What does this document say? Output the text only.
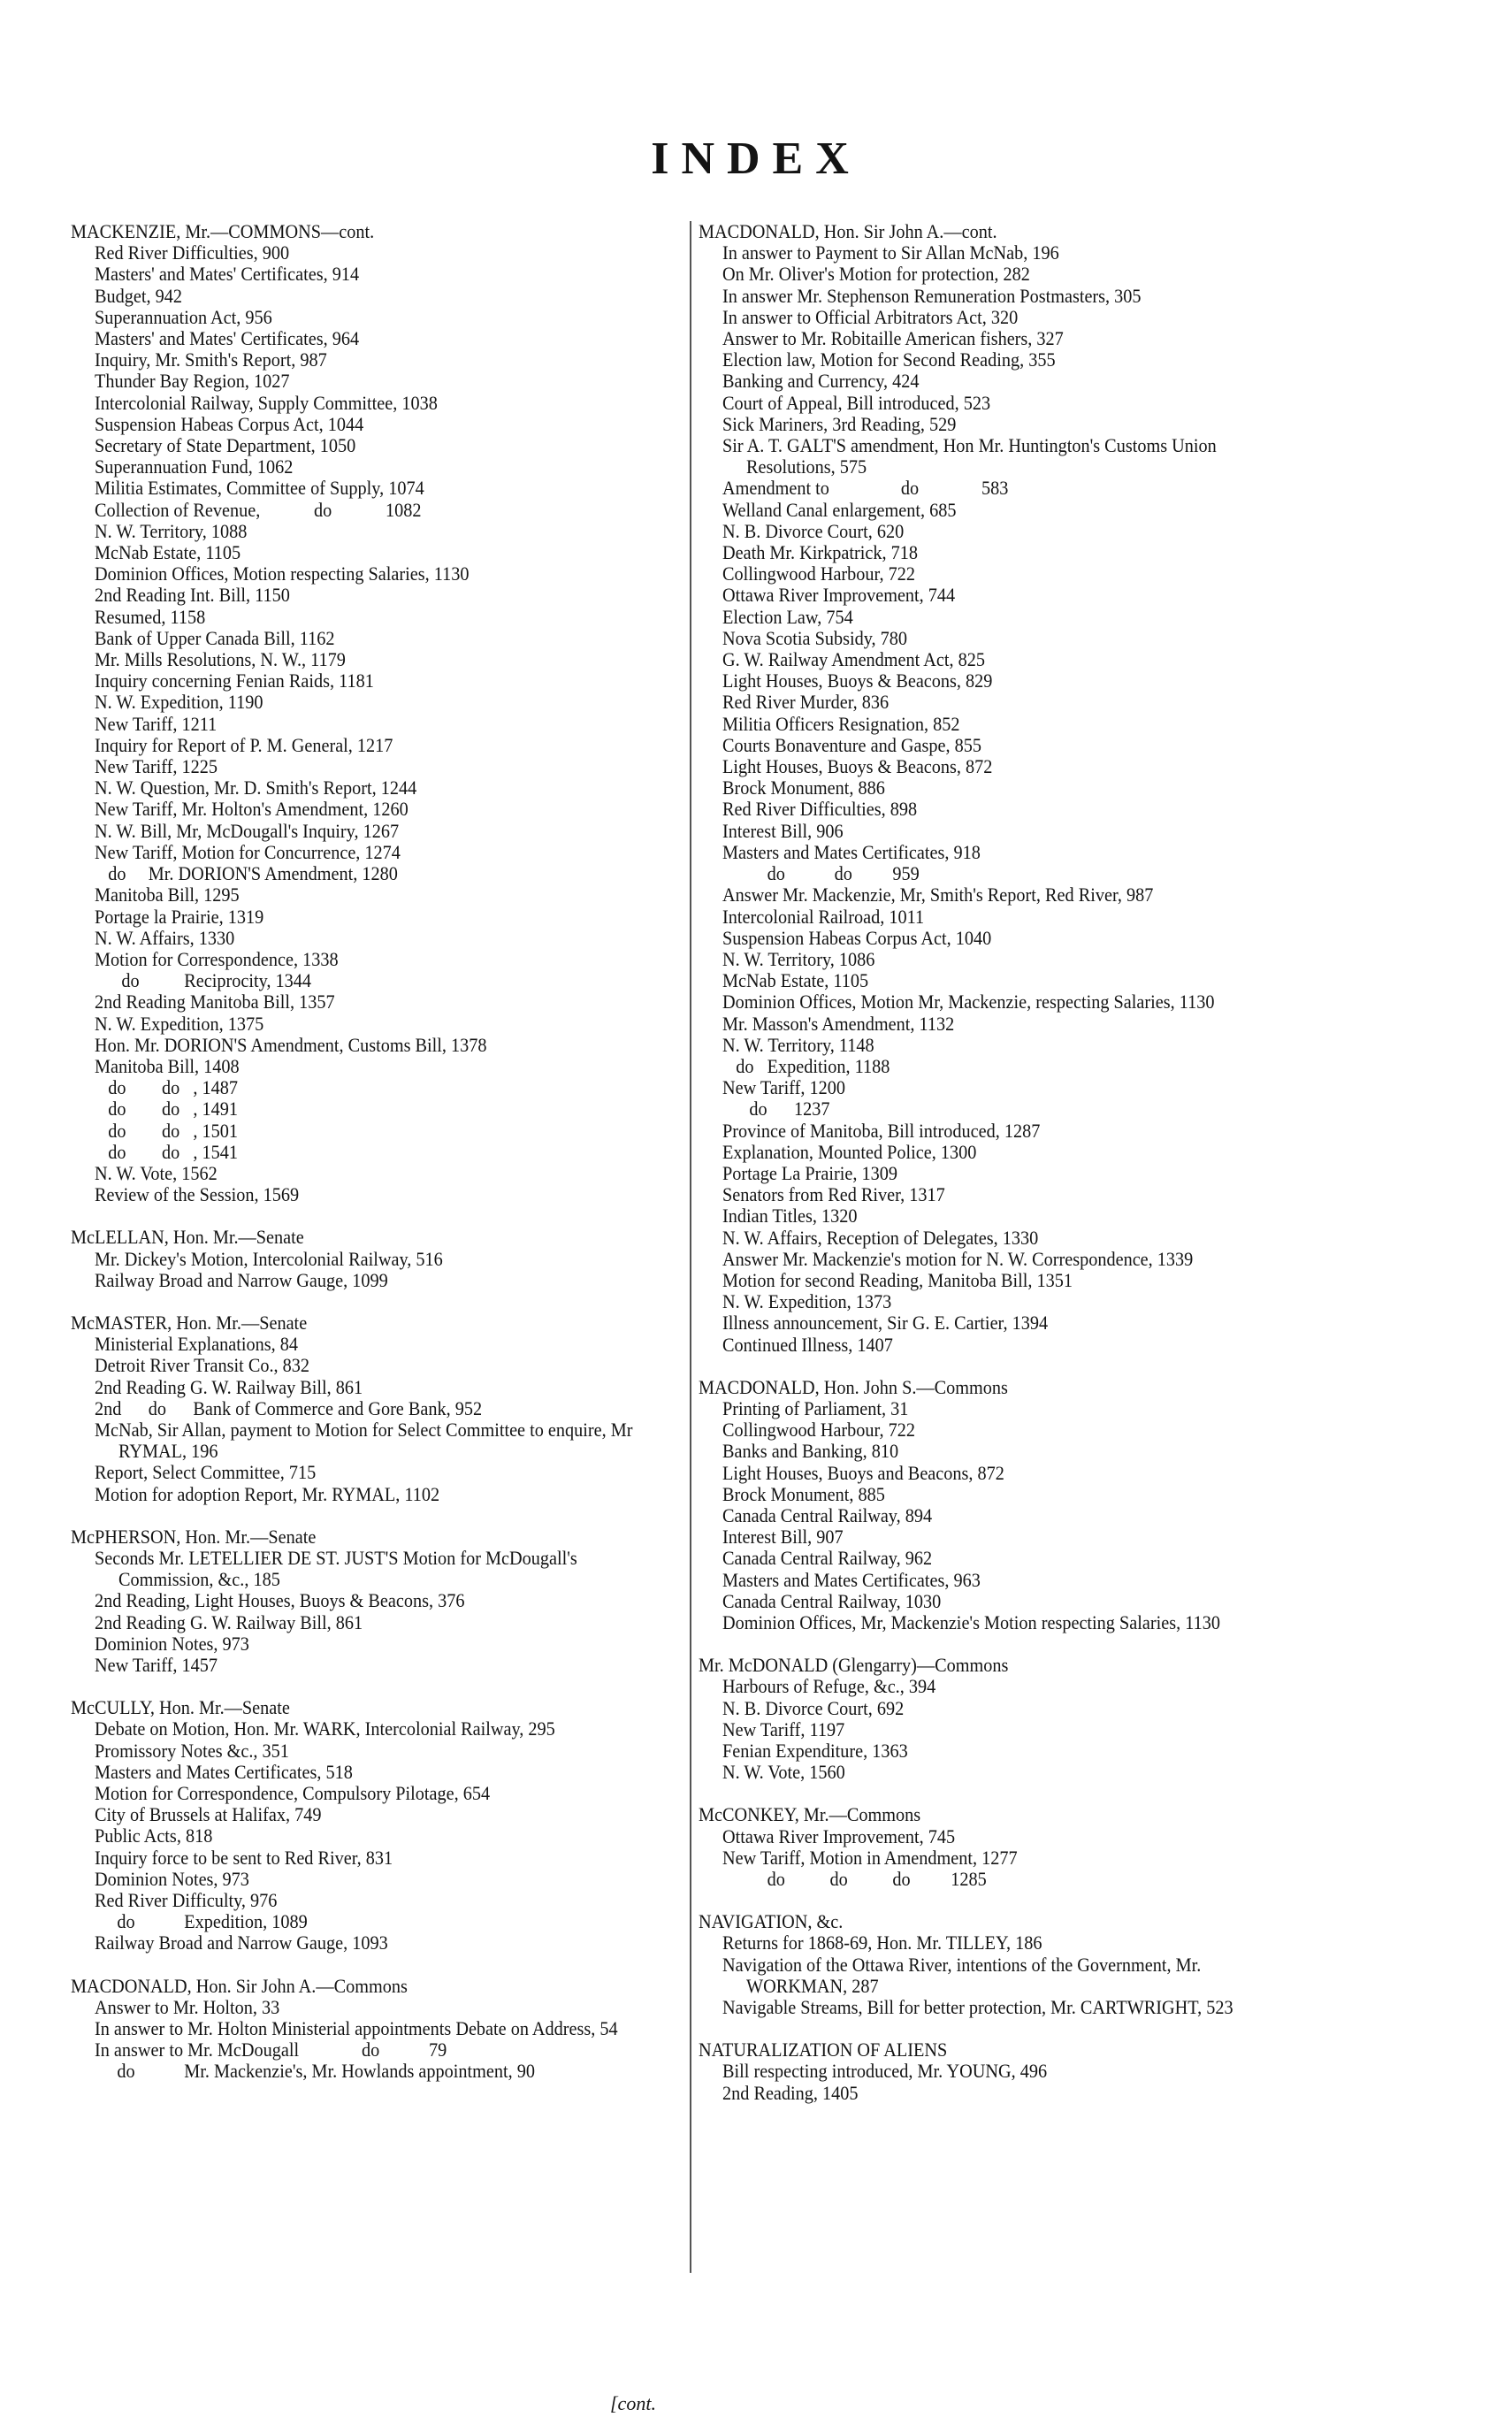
INDEX
MACKENZIE, Mr.—COMMONS—cont.
Red River Difficulties, 900
Masters' and Mates' Certificates, 914
Budget, 942
Superannuation Act, 956
Masters' and Mates' Certificates, 964
Inquiry, Mr. Smith's Report, 987
Thunder Bay Region, 1027
Intercolonial Railway, Supply Committee, 1038
Suspension Habeas Corpus Act, 1044
Secretary of State Department, 1050
Superannuation Fund, 1062
Militia Estimates, Committee of Supply, 1074
Collection of Revenue,            do            1082
N. W. Territory, 1088
McNab Estate, 1105
Dominion Offices, Motion respecting Salaries, 1130
2nd Reading Int. Bill, 1150
Resumed, 1158
Bank of Upper Canada Bill, 1162
Mr. Mills Resolutions, N. W., 1179
Inquiry concerning Fenian Raids, 1181
N. W. Expedition, 1190
New Tariff, 1211
Inquiry for Report of P. M. General, 1217
New Tariff, 1225
N. W. Question, Mr. D. Smith's Report, 1244
New Tariff, Mr. Holton's Amendment, 1260
N. W. Bill, Mr, McDougall's Inquiry, 1267
New Tariff, Motion for Concurrence, 1274
do     Mr. DORION'S Amendment, 1280
Manitoba Bill, 1295
Portage la Prairie, 1319
N. W. Affairs, 1330
Motion for Correspondence, 1338
do          Reciprocity, 1344
2nd Reading Manitoba Bill, 1357
N. W. Expedition, 1375
Hon. Mr. DORION'S Amendment, Customs Bill, 1378
Manitoba Bill, 1408
do        do   , 1487
do        do   , 1491
do        do   , 1501
do        do   , 1541
N. W. Vote, 1562
Review of the Session, 1569
McLELLAN, Hon. Mr.—Senate
Mr. Dickey's Motion, Intercolonial Railway, 516
Railway Broad and Narrow Gauge, 1099
McMASTER, Hon. Mr.—Senate
Ministerial Explanations, 84
Detroit River Transit Co., 832
2nd Reading G. W. Railway Bill, 861
2nd      do      Bank of Commerce and Gore Bank, 952
McNab, Sir Allan, payment to Motion for Select Committee to enquire, Mr RYMAL, 196
Report, Select Committee, 715
Motion for adoption Report, Mr. RYMAL, 1102
McPHERSON, Hon. Mr.—Senate
Seconds Mr. LETELLIER DE ST. JUST'S Motion for McDougall's Commission, &c., 185
2nd Reading, Light Houses, Buoys & Beacons, 376
2nd Reading G. W. Railway Bill, 861
Dominion Notes, 973
New Tariff, 1457
McCULLY, Hon. Mr.—Senate
Debate on Motion, Hon. Mr. WARK, Intercolonial Railway, 295
Promissory Notes &c., 351
Masters and Mates Certificates, 518
Motion for Correspondence, Compulsory Pilotage, 654
City of Brussels at Halifax, 749
Public Acts, 818
Inquiry force to be sent to Red River, 831
Dominion Notes, 973
Red River Difficulty, 976
do           Expedition, 1089
Railway Broad and Narrow Gauge, 1093
MACDONALD, Hon. Sir John A.—Commons
Answer to Mr. Holton, 33
In answer to Mr. Holton Ministerial appointments Debate on Address, 54
In answer to Mr. McDougall              do           79
do           Mr. Mackenzie's, Mr. Howlands appointment, 90
MACDONALD, Hon. Sir John A.—cont.
In answer to Payment to Sir Allan McNab, 196
On Mr. Oliver's Motion for protection, 282
In answer Mr. Stephenson Remuneration Postmasters, 305
In answer to Official Arbitrators Act, 320
Answer to Mr. Robitaille American fishers, 327
Election law, Motion for Second Reading, 355
Banking and Currency, 424
Court of Appeal, Bill introduced, 523
Sick Mariners, 3rd Reading, 529
Sir A. T. GALT'S amendment, Hon Mr. Huntington's Customs Union Resolutions, 575
Amendment to                do              583
Welland Canal enlargement, 685
N. B. Divorce Court, 620
Death Mr. Kirkpatrick, 718
Collingwood Harbour, 722
Ottawa River Improvement, 744
Election Law, 754
Nova Scotia Subsidy, 780
G. W. Railway Amendment Act, 825
Light Houses, Buoys & Beacons, 829
Red River Murder, 836
Militia Officers Resignation, 852
Courts Bonaventure and Gaspe, 855
Light Houses, Buoys & Beacons, 872
Brock Monument, 886
Red River Difficulties, 898
Interest Bill, 906
Masters and Mates Certificates, 918
do           do         959
Answer Mr. Mackenzie, Mr, Smith's Report, Red River, 987
Intercolonial Railroad, 1011
Suspension Habeas Corpus Act, 1040
N. W. Territory, 1086
McNab Estate, 1105
Dominion Offices, Motion Mr, Mackenzie, respecting Salaries, 1130
Mr. Masson's Amendment, 1132
N. W. Territory, 1148
do   Expedition, 1188
New Tariff, 1200
do      1237
Province of Manitoba, Bill introduced, 1287
Explanation, Mounted Police, 1300
Portage La Prairie, 1309
Senators from Red River, 1317
Indian Titles, 1320
N. W. Affairs, Reception of Delegates, 1330
Answer Mr. Mackenzie's motion for N. W. Correspondence, 1339
Motion for second Reading, Manitoba Bill, 1351
N. W. Expedition, 1373
Illness announcement, Sir G. E. Cartier, 1394
Continued Illness, 1407
MACDONALD, Hon. John S.—Commons
Printing of Parliament, 31
Collingwood Harbour, 722
Banks and Banking, 810
Light Houses, Buoys and Beacons, 872
Brock Monument, 885
Canada Central Railway, 894
Interest Bill, 907
Canada Central Railway, 962
Masters and Mates Certificates, 963
Canada Central Railway, 1030
Dominion Offices, Mr, Mackenzie's Motion respecting Salaries, 1130
Mr. McDONALD (Glengarry)—Commons
Harbours of Refuge, &c., 394
N. B. Divorce Court, 692
New Tariff, 1197
Fenian Expenditure, 1363
N. W. Vote, 1560
McCONKEY, Mr.—Commons
Ottawa River Improvement, 745
New Tariff, Motion in Amendment, 1277
do          do          do         1285
NAVIGATION, &c.
Returns for 1868-69, Hon. Mr. TILLEY, 186
Navigation of the Ottawa River, intentions of the Government, Mr. WORKMAN, 287
Navigable Streams, Bill for better protection, Mr. CARTWRIGHT, 523
NATURALIZATION OF ALIENS
Bill respecting introduced, Mr. YOUNG, 496
2nd Reading, 1405
[cont.
